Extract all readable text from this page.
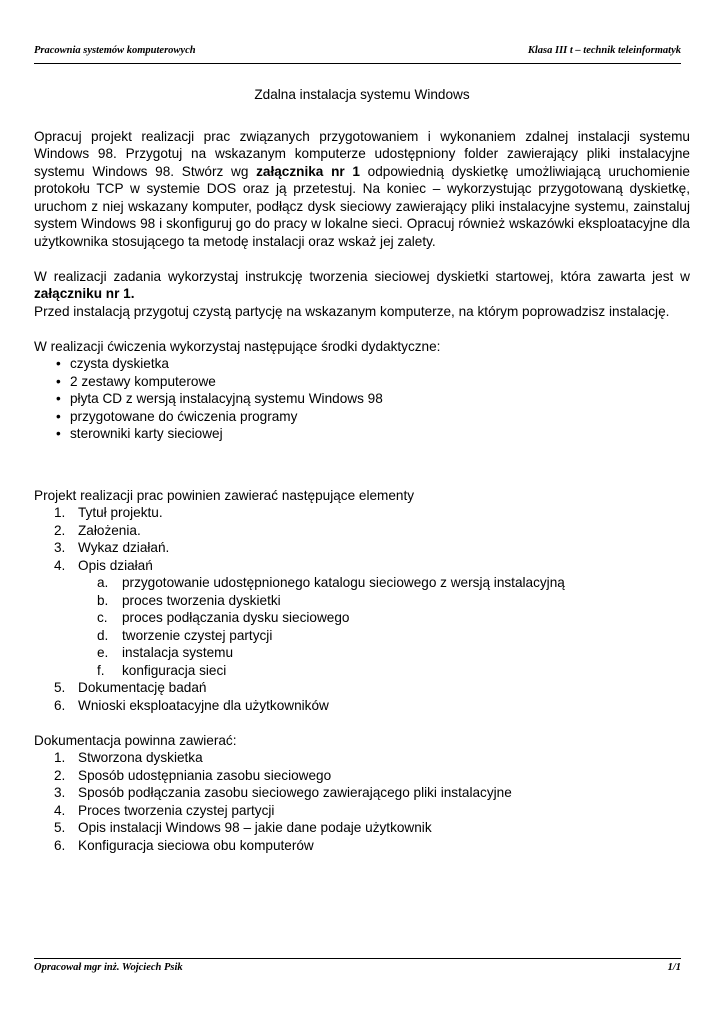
Pracownia systemów komputerowych	Klasa III t – technik teleinformatyk
Zdalna instalacja systemu Windows

Opracuj projekt realizacji prac związanych przygotowaniem i wykonaniem zdalnej instalacji systemu Windows 98. Przygotuj na wskazanym komputerze udostępniony folder zawierający pliki instalacyjne systemu Windows 98. Stwórz wg załącznika nr 1 odpowiednią dyskietkę umożliwiającą uruchomienie protokołu TCP w systemie DOS oraz ją przetestuj. Na koniec – wykorzystując przygotowaną dyskietkę, uruchom z niej wskazany komputer, podłącz dysk sieciowy zawierający pliki instalacyjne systemu, zainstaluj system Windows 98 i skonfiguruj go do pracy w lokalne sieci. Opracuj również wskazówki eksploatacyjne dla użytkownika stosującego ta metodę instalacji oraz wskaż jej zalety.

W realizacji zadania wykorzystaj instrukcję tworzenia sieciowej dyskietki startowej, która zawarta jest w załączniku nr 1.

Przed instalacją przygotuj czystą partycję na wskazanym komputerze, na którym poprowadzisz instalację.

W realizacji ćwiczenia wykorzystaj następujące środki dydaktyczne:

• czysta dyskietka
• 2 zestawy komputerowe
• płyta CD z wersją instalacyjną systemu Windows 98
• przygotowane do ćwiczenia programy
• sterowniki karty sieciowej

Projekt realizacji prac powinien zawierać następujące elementy

1. Tytuł projektu.
2. Założenia.
3. Wykaz działań.
4. Opis działań
a. przygotowanie udostępnionego katalogu sieciowego z wersją instalacyjną
b. proces tworzenia dyskietki
c. proces podłączania dysku sieciowego
d. tworzenie czystej partycji
e. instalacja systemu
f. konfiguracja sieci
5. Dokumentację badań
6. Wnioski eksploatacyjne dla użytkowników

Dokumentacja powinna zawierać:

1. Stworzona dyskietka
2. Sposób udostępniania zasobu sieciowego
3. Sposób podłączania zasobu sieciowego zawierającego pliki instalacyjne
4. Proces tworzenia czystej partycji
5. Opis instalacji Windows 98 – jakie dane podaje użytkownik
6. Konfiguracja sieciowa obu komputerów
Opracował mgr inż. Wojciech Psik	1/1
